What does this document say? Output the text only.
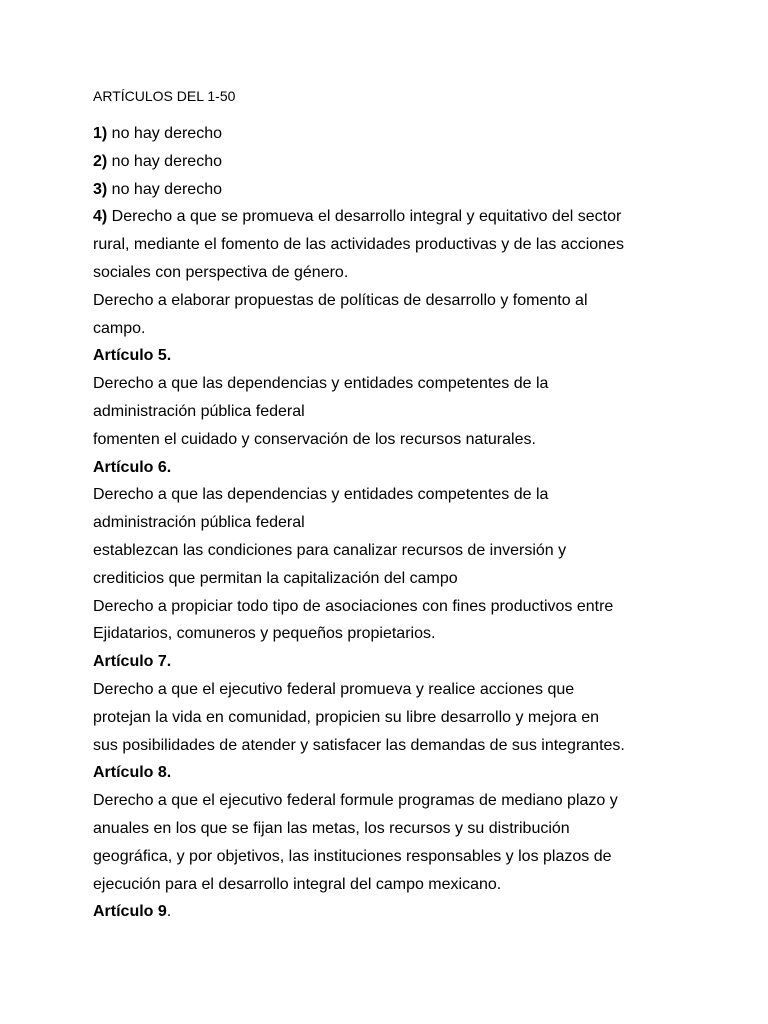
ARTÍCULOS DEL 1-50
1) no hay derecho
2) no hay derecho
3) no hay derecho
4) Derecho a que se promueva el desarrollo integral y equitativo del sector
rural, mediante el fomento de las actividades productivas y de las acciones
sociales con perspectiva de género.
Derecho a elaborar propuestas de políticas de desarrollo y fomento al
campo.
Artículo 5.
Derecho a que las dependencias y entidades competentes de la
administración pública federal
fomenten el cuidado y conservación de los recursos naturales.
Artículo 6.
Derecho a que las dependencias y entidades competentes de la
administración pública federal
establezcan las condiciones para canalizar recursos de inversión y
crediticios que permitan la capitalización del campo
Derecho a propiciar todo tipo de asociaciones con fines productivos entre
Ejidatarios, comuneros y pequeños propietarios.
Artículo 7.
Derecho a que el ejecutivo federal promueva y realice acciones que
protejan la vida en comunidad, propicien su libre desarrollo y mejora en
sus posibilidades de atender y satisfacer las demandas de sus integrantes.
Artículo 8.
Derecho a que el ejecutivo federal formule programas de mediano plazo y
anuales en los que se fijan las metas, los recursos y su distribución
geográfica, y por objetivos, las instituciones responsables y los plazos de
ejecución para el desarrollo integral del campo mexicano.
Artículo 9.
